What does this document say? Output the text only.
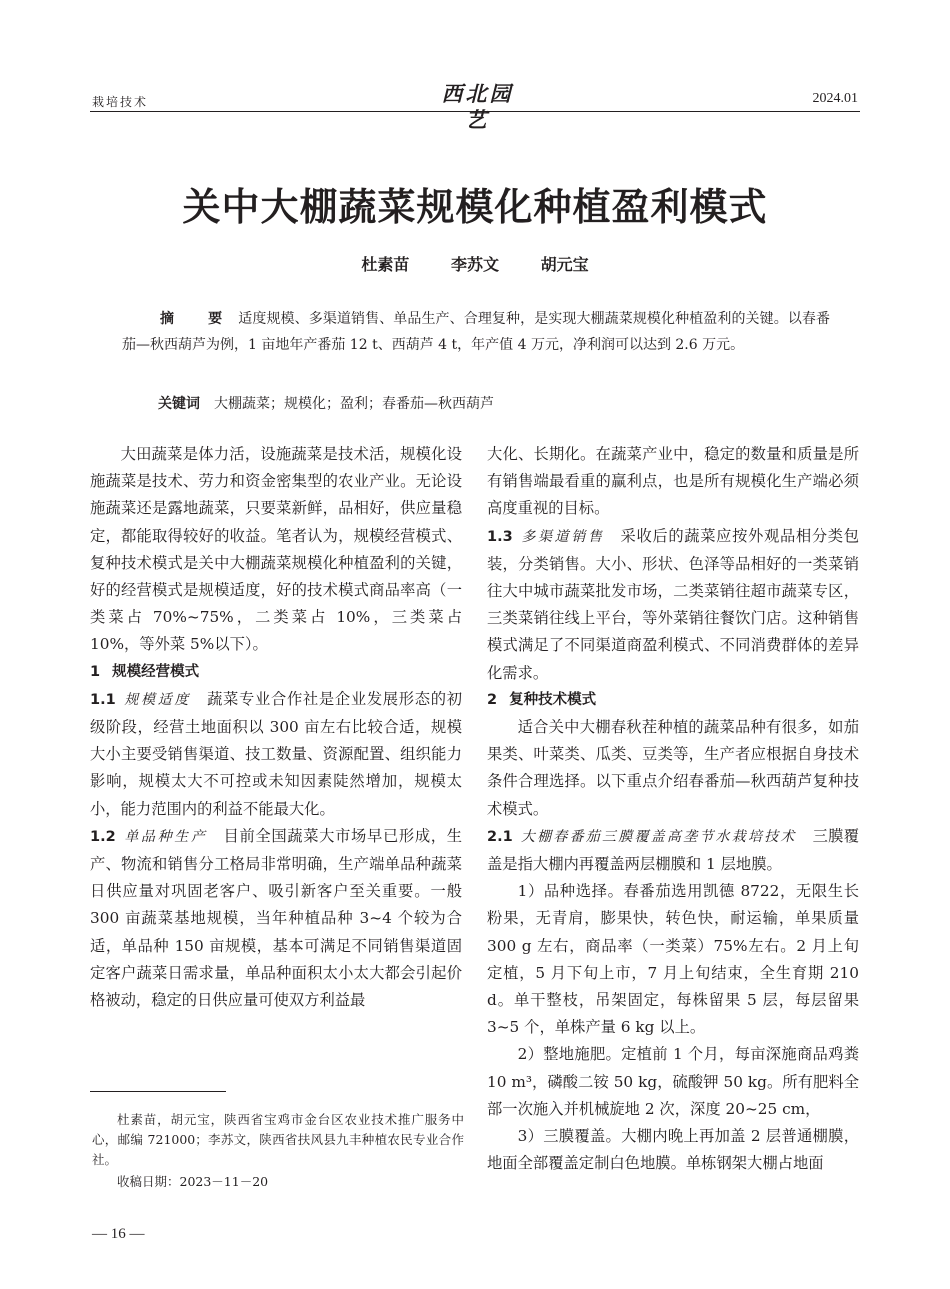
栽培技术	西北园艺
2024.01
关中大棚蔬菜规模化种植盈利模式
杜素苗	李苏文	胡元宝
摘　要 适度规模、多渠道销售、单品生产、合理复种，是实现大棚蔬菜规模化种植盈利的关键。以春番茄—秋西葫芦为例，1 亩地年产番茄 12 t、西葫芦 4 t，年产值 4 万元，净利润可以达到 2.6 万元。
关键词 大棚蔬菜；规模化；盈利；春番茄—秋西葫芦

大田蔬菜是体力活，设施蔬菜是技术活，规模化设施蔬菜是技术、劳力和资金密集型的农业产业。无论设施蔬菜还是露地蔬菜，只要菜新鲜，品相好，供应量稳定，都能取得较好的收益。笔者认为，规模经营模式、复种技术模式是关中大棚蔬菜规模化种植盈利的关键，好的经营模式是规模适度，好的技术模式商品率高（一类菜占 70%~75%，二类菜占 10%，三类菜占 10%，等外菜 5%以下）。

1 规模经营模式

1.1 规模适度 蔬菜专业合作社是企业发展形态的初级阶段，经营土地面积以 300 亩左右比较合适，规模大小主要受销售渠道、技工数量、资源配置、组织能力影响，规模太大不可控或未知因素陡然增加，规模太小，能力范围内的利益不能最大化。

1.2 单品种生产 目前全国蔬菜大市场早已形成，生产、物流和销售分工格局非常明确，生产端单品种蔬菜日供应量对巩固老客户、吸引新客户至关重要。一般 300 亩蔬菜基地规模，当年种植品种 3~4 个较为合适，单品种 150 亩规模，基本可满足不同销售渠道固定客户蔬菜日需求量，单品种面积太小太大都会引起价格被动，稳定的日供应量可使双方利益最

大化、长期化。在蔬菜产业中，稳定的数量和质量是所有销售端最看重的赢利点，也是所有规模化生产端必须高度重视的目标。

1.3 多渠道销售 采收后的蔬菜应按外观品相分类包装，分类销售。大小、形状、色泽等品相好的一类菜销往大中城市蔬菜批发市场，二类菜销往超市蔬菜专区，三类菜销往线上平台，等外菜销往餐饮门店。这种销售模式满足了不同渠道商盈利模式、不同消费群体的差异化需求。

2 复种技术模式

适合关中大棚春秋茬种植的蔬菜品种有很多，如茄果类、叶菜类、瓜类、豆类等，生产者应根据自身技术条件合理选择。以下重点介绍春番茄—秋西葫芦复种技术模式。

2.1 大棚春番茄三膜覆盖高垄节水栽培技术 三膜覆盖是指大棚内再覆盖两层棚膜和 1 层地膜。

1）品种选择。春番茄选用凯德 8722，无限生长粉果，无青肩，膨果快，转色快，耐运输，单果质量 300 g 左右，商品率（一类菜）75%左右。2 月上旬定植，5 月下旬上市，7 月上旬结束，全生育期 210 d。单干整枝，吊架固定，每株留果 5 层，每层留果 3~5 个，单株产量 6 kg 以上。

2）整地施肥。定植前 1 个月，每亩深施商品鸡粪 10 m³，磷酸二铵 50 kg，硫酸钾 50 kg。所有肥料全部一次施入并机械旋地 2 次，深度 20~25 cm，

3）三膜覆盖。大棚内晚上再加盖 2 层普通棚膜，地面全部覆盖定制白色地膜。单栋钢架大棚占地面

杜素苗，胡元宝，陕西省宝鸡市金台区农业技术推广服务中心，邮编 721000；李苏文，陕西省扶风县九丰种植农民专业合作社。

收稿日期：2023－11－20

— 16 —
